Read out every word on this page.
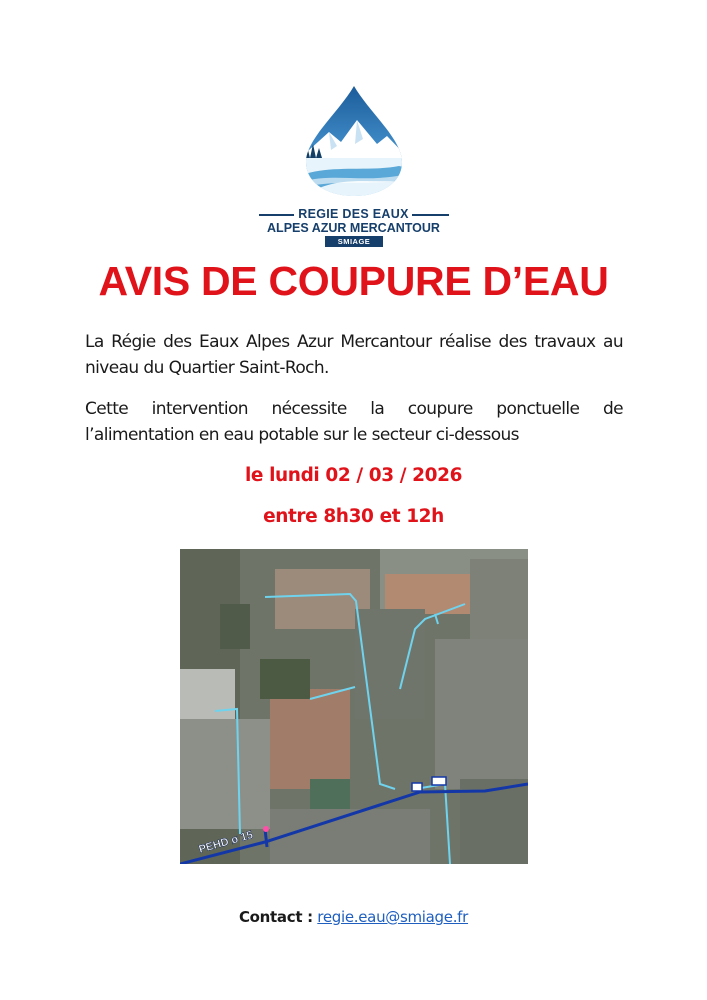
REGIE DES EAUX
ALPES AZUR MERCANTOUR
SMIAGE
AVIS DE COUPURE D’EAU
La Régie des Eaux Alpes Azur Mercantour réalise des travaux au niveau du Quartier Saint-Roch.
Cette intervention nécessite la coupure ponctuelle de l’alimentation en eau potable sur le secteur ci-dessous
le lundi 02 / 03 / 2026
entre 8h30 et 12h
PEHD ø 15
Contact : regie.eau@smiage.fr
